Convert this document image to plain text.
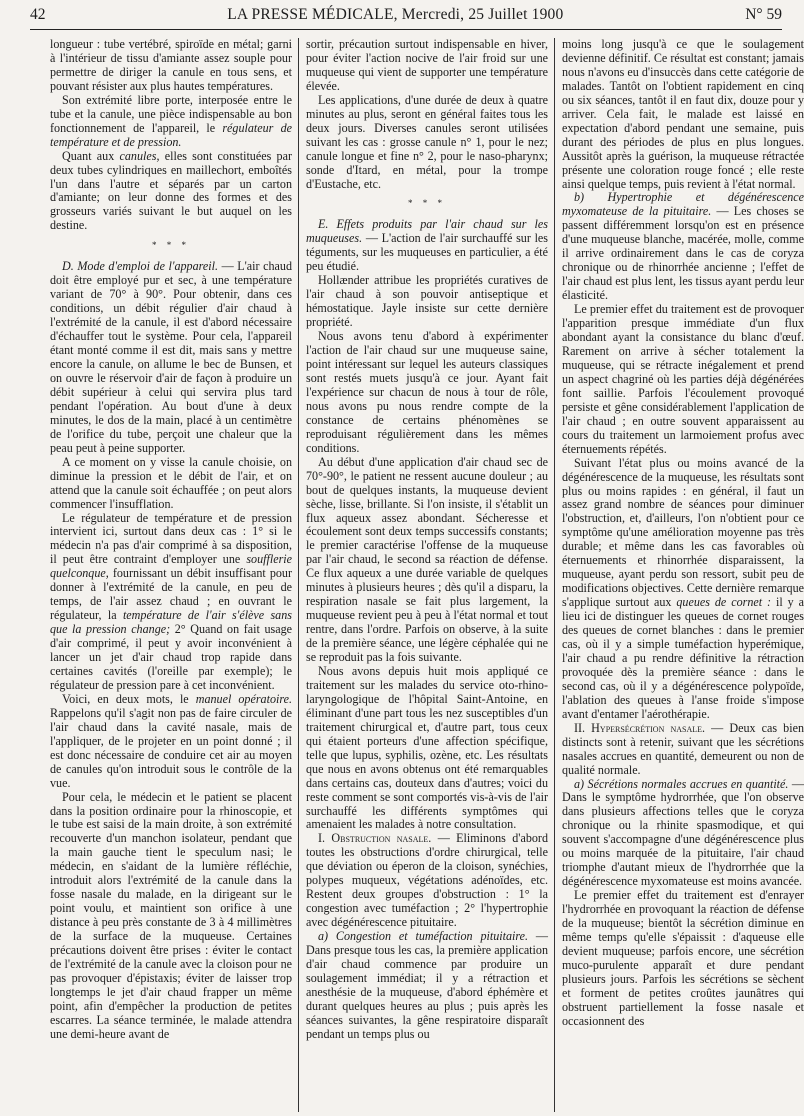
42	LA PRESSE MÉDICALE, Mercredi, 25 Juillet 1900	N° 59

longueur : tube vertébré, spiroïde en métal; garni à l'intérieur de tissu d'amiante assez souple pour permettre de diriger la canule en tous sens, et pouvant résister aux plus hautes températures.

Son extrémité libre porte, interposée entre le tube et la canule, une pièce indispensable au bon fonctionnement de l'appareil, le régulateur de température et de pression.

Quant aux canules, elles sont constituées par deux tubes cylindriques en maillechort, emboîtés l'un dans l'autre et séparés par un carton d'amiante; on leur donne des formes et des grosseurs variés suivant le but auquel on les destine.

* * *

D. Mode d'emploi de l'appareil. — L'air chaud doit être employé pur et sec, à une température variant de 70° à 90°. Pour obtenir, dans ces conditions, un débit régulier d'air chaud à l'extrémité de la canule, il est d'abord nécessaire d'échauffer tout le système. Pour cela, l'appareil étant monté comme il est dit, mais sans y mettre encore la canule, on allume le bec de Bunsen, et on ouvre le réservoir d'air de façon à produire un débit supérieur à celui qui servira plus tard pendant l'opération. Au bout d'une à deux minutes, le dos de la main, placé à un centimètre de l'orifice du tube, perçoit une chaleur que la peau peut à peine supporter.

A ce moment on y visse la canule choisie, on diminue la pression et le débit de l'air, et on attend que la canule soit échauffée ; on peut alors commencer l'insufflation.

Le régulateur de température et de pression intervient ici, surtout dans deux cas : 1° si le médecin n'a pas d'air comprimé à sa disposition, il peut être contraint d'employer une soufflerie quelconque, fournissant un débit insuffisant pour donner à l'extrémité de la canule, en peu de temps, de l'air assez chaud ; en ouvrant le régulateur, la température de l'air s'élève sans que la pression change; 2° Quand on fait usage d'air comprimé, il peut y avoir inconvénient à lancer un jet d'air chaud trop rapide dans certaines cavités (l'oreille par exemple); le régulateur de pression pare à cet inconvénient.

Voici, en deux mots, le manuel opératoire. Rappelons qu'il s'agit non pas de faire circuler de l'air chaud dans la cavité nasale, mais de l'appliquer, de le projeter en un point donné ; il est donc nécessaire de conduire cet air au moyen de canules qu'on introduit sous le contrôle de la vue.

Pour cela, le médecin et le patient se placent dans la position ordinaire pour la rhinoscopie, et le tube est saisi de la main droite, à son extrémité recouverte d'un manchon isolateur, pendant que la main gauche tient le speculum nasi; le médecin, en s'aidant de la lumière réfléchie, introduit alors l'extrémité de la canule dans la fosse nasale du malade, en la dirigeant sur le point voulu, et maintient son orifice à une distance à peu près constante de 3 à 4 millimètres de la surface de la muqueuse. Certaines précautions doivent être prises : éviter le contact de l'extrémité de la canule avec la cloison pour ne pas provoquer d'épistaxis; éviter de laisser trop longtemps le jet d'air chaud frapper un même point, afin d'empêcher la production de petites escarres. La séance terminée, le malade attendra une demi-heure avant de

sortir, précaution surtout indispensable en hiver, pour éviter l'action nocive de l'air froid sur une muqueuse qui vient de supporter une température élevée.

Les applications, d'une durée de deux à quatre minutes au plus, seront en général faites tous les deux jours. Diverses canules seront utilisées suivant les cas : grosse canule n° 1, pour le nez; canule longue et fine n° 2, pour le naso-pharynx; sonde d'Itard, en métal, pour la trompe d'Eustache, etc.

* * *

E. Effets produits par l'air chaud sur les muqueuses. — L'action de l'air surchauffé sur les téguments, sur les muqueuses en particulier, a été peu étudié.

Hollænder attribue les propriétés curatives de l'air chaud à son pouvoir antiseptique et hémostatique. Jayle insiste sur cette dernière propriété.

Nous avons tenu d'abord à expérimenter l'action de l'air chaud sur une muqueuse saine, point intéressant sur lequel les auteurs classiques sont restés muets jusqu'à ce jour. Ayant fait l'expérience sur chacun de nous à tour de rôle, nous avons pu nous rendre compte de la constance de certains phénomènes se reproduisant régulièrement dans les mêmes conditions.

Au début d'une application d'air chaud sec de 70°-90°, le patient ne ressent aucune douleur ; au bout de quelques instants, la muqueuse devient sèche, lisse, brillante. Si l'on insiste, il s'établit un flux aqueux assez abondant. Sécheresse et écoulement sont deux temps successifs constants; le premier caractérise l'offense de la muqueuse par l'air chaud, le second sa réaction de défense. Ce flux aqueux a une durée variable de quelques minutes à plusieurs heures ; dès qu'il a disparu, la respiration nasale se fait plus largement, la muqueuse revient peu à peu à l'état normal et tout rentre, dans l'ordre. Parfois on observe, à la suite de la première séance, une légère céphalée qui ne se reproduit pas la fois suivante.

Nous avons depuis huit mois appliqué ce traitement sur les malades du service oto-rhino-laryngologique de l'hôpital Saint-Antoine, en éliminant d'une part tous les nez susceptibles d'un traitement chirurgical et, d'autre part, tous ceux qui étaient porteurs d'une affection spécifique, telle que lupus, syphilis, ozène, etc. Les résultats que nous en avons obtenus ont été remarquables dans certains cas, douteux dans d'autres; voici du reste comment se sont comportés vis-à-vis de l'air surchauffé les différents symptômes qui amenaient les malades à notre consultation.

I. Obstruction nasale. — Eliminons d'abord toutes les obstructions d'ordre chirurgical, telle que déviation ou éperon de la cloison, synéchies, polypes muqueux, végétations adénoïdes, etc. Restent deux groupes d'obstruction : 1° la congestion avec tuméfaction ; 2° l'hypertrophie avec dégénérescence pituitaire.

a) Congestion et tuméfaction pituitaire. — Dans presque tous les cas, la première application d'air chaud commence par produire un soulagement immédiat; il y a rétraction et anesthésie de la muqueuse, d'abord éphémère et durant quelques heures au plus ; puis après les séances suivantes, la gêne respiratoire disparaît pendant un temps plus ou

moins long jusqu'à ce que le soulagement devienne définitif. Ce résultat est constant; jamais nous n'avons eu d'insuccès dans cette catégorie de malades. Tantôt on l'obtient rapidement en cinq ou six séances, tantôt il en faut dix, douze pour y arriver. Cela fait, le malade est laissé en expectation d'abord pendant une semaine, puis durant des périodes de plus en plus longues. Aussitôt après la guérison, la muqueuse rétractée présente une coloration rouge foncé ; elle reste ainsi quelque temps, puis revient à l'état normal.

b) Hypertrophie et dégénérescence myxomateuse de la pituitaire. — Les choses se passent différemment lorsqu'on est en présence d'une muqueuse blanche, macérée, molle, comme il arrive ordinairement dans le cas de coryza chronique ou de rhinorrhée ancienne ; l'effet de l'air chaud est plus lent, les tissus ayant perdu leur élasticité.

Le premier effet du traitement est de provoquer l'apparition presque immédiate d'un flux abondant ayant la consistance du blanc d'œuf. Rarement on arrive à sécher totalement la muqueuse, qui se rétracte inégalement et prend un aspect chagriné où les parties déjà dégénérées font saillie. Parfois l'écoulement provoqué persiste et gêne considérablement l'application de l'air chaud ; en outre souvent apparaissent au cours du traitement un larmoiement profus avec éternuements répétés.

Suivant l'état plus ou moins avancé de la dégénérescence de la muqueuse, les résultats sont plus ou moins rapides : en général, il faut un assez grand nombre de séances pour diminuer l'obstruction, et, d'ailleurs, l'on n'obtient pour ce symptôme qu'une amélioration moyenne pas très durable; et même dans les cas favorables où éternuements et rhinorrhée disparaissent, la muqueuse, ayant perdu son ressort, subit peu de modifications objectives. Cette dernière remarque s'applique surtout aux queues de cornet : il y a lieu ici de distinguer les queues de cornet rouges des queues de cornet blanches : dans le premier cas, où il y a simple tuméfaction hyperémique, l'air chaud a pu rendre définitive la rétraction provoquée dès la première séance : dans le second cas, où il y a dégénérescence polypoïde, l'ablation des queues à l'anse froide s'impose avant d'entamer l'aérothérapie.

II. Hypersécrétion nasale. — Deux cas bien distincts sont à retenir, suivant que les sécrétions nasales accrues en quantité, demeurent ou non de qualité normale.

a) Sécrétions normales accrues en quantité. — Dans le symptôme hydrorrhée, que l'on observe dans plusieurs affections telles que le coryza chronique ou la rhinite spasmodique, et qui souvent s'accompagne d'une dégénérescence plus ou moins marquée de la pituitaire, l'air chaud triomphe d'autant mieux de l'hydrorrhée que la dégénérescence myxomateuse est moins avancée.

Le premier effet du traitement est d'enrayer l'hydrorrhée en provoquant la réaction de défense de la muqueuse; bientôt la sécrétion diminue en même temps qu'elle s'épaissit : d'aqueuse elle devient muqueuse; parfois encore, une sécrétion muco-purulente apparaît et dure pendant plusieurs jours. Parfois les sécrétions se sèchent et forment de petites croûtes jaunâtres qui obstruent partiellement la fosse nasale et occasionnent des
